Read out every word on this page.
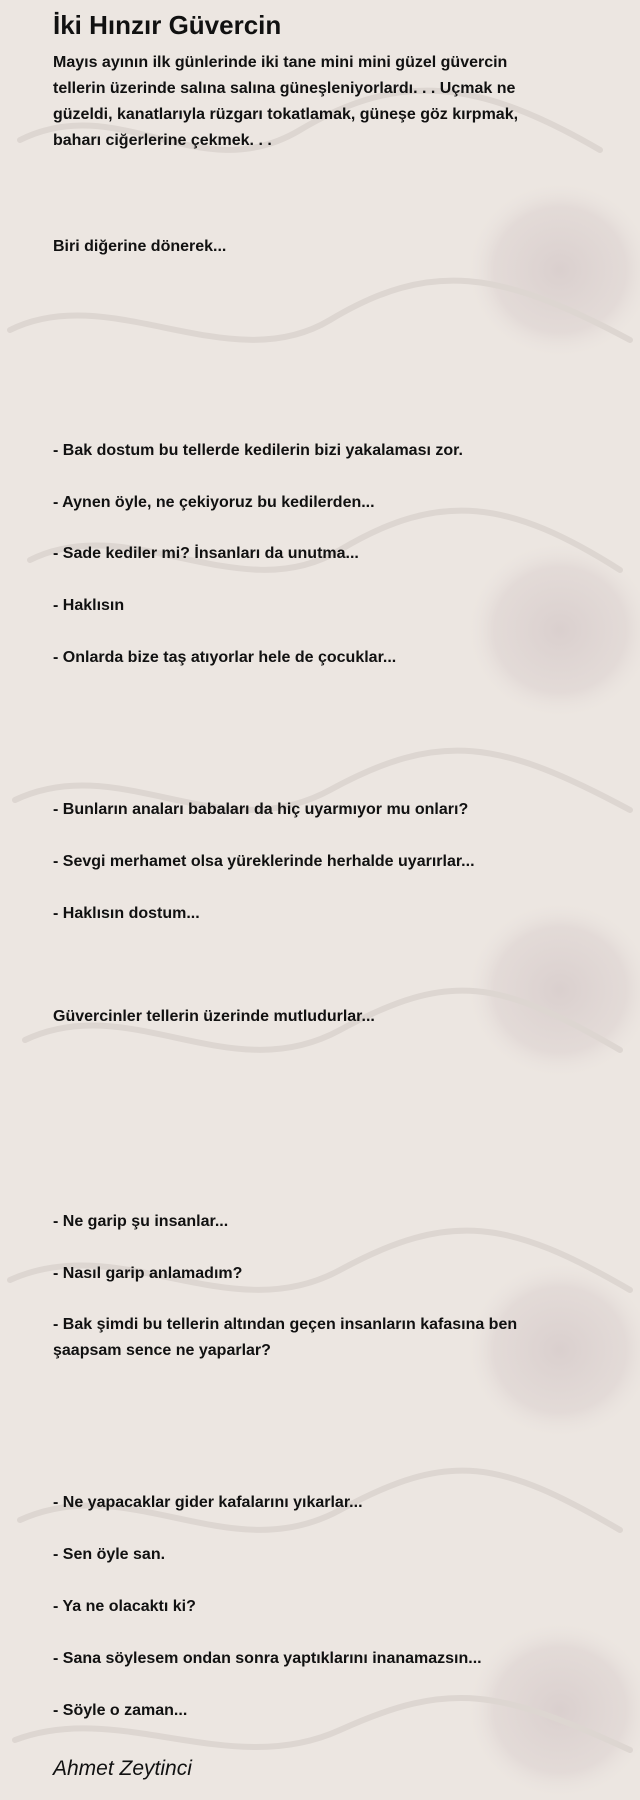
İki Hınzır Güvercin

Mayıs ayının ilk günlerinde iki tane mini mini güzel güvercin tellerin üzerinde salına salına güneşleniyorlardı. . . Uçmak ne güzeldi, kanatlarıyla rüzgarı tokatlamak, güneşe göz kırpmak, baharı ciğerlerine çekmek. . .

Biri diğerine dönerek...

- Bak dostum bu tellerde kedilerin bizi yakalaması zor.

- Aynen öyle, ne çekiyoruz bu kedilerden...

- Sade kediler mi? İnsanları da unutma...

- Haklısın

- Onlarda bize taş atıyorlar hele de çocuklar...

- Bunların anaları babaları da hiç uyarmıyor mu onları?

- Sevgi merhamet olsa yüreklerinde herhalde uyarırlar...

- Haklısın dostum...

Güvercinler tellerin üzerinde mutludurlar...

- Ne garip şu insanlar...

- Nasıl garip anlamadım?

- Bak şimdi bu tellerin altından geçen insanların kafasına ben şaapsam sence ne yaparlar?

- Ne yapacaklar gider kafalarını yıkarlar...

- Sen öyle san.

- Ya ne olacaktı ki?

- Sana söylesem ondan sonra yaptıklarını inanamazsın...

- Söyle o zaman...

Ahmet Zeytinci
